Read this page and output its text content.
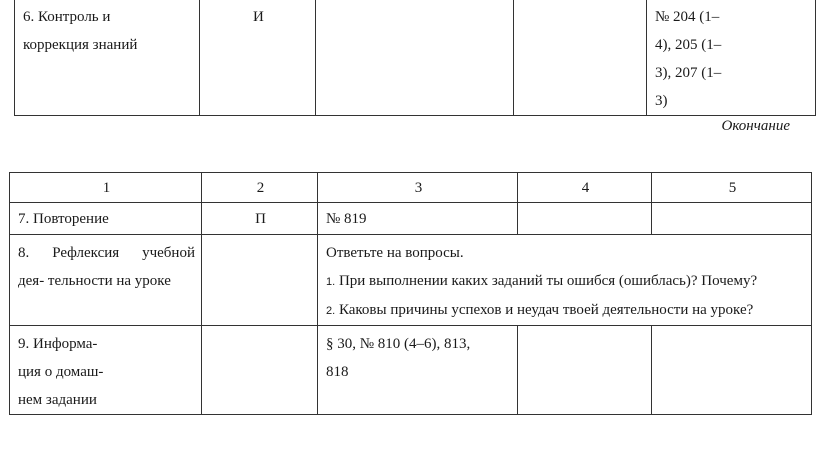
6. Контроль и
коррекция знаний

И			№ 204 (1–
4), 205 (1–
3), 207 (1–
3)
Окончание
1	2	3	4	5

7. Повторение	П	№ 819		

8. Рефлексия учебной
дея- тельности на уроке		Ответьте на вопросы.
1. При выполнении каких заданий ты ошибся (ошиблась)? Почему?
2. Каковы причины успехов и неудач твоей деятельности на уроке?		

9. Информа-
ция о домаш-
нем задании		§ 30, № 810 (4–6), 813,
818		
